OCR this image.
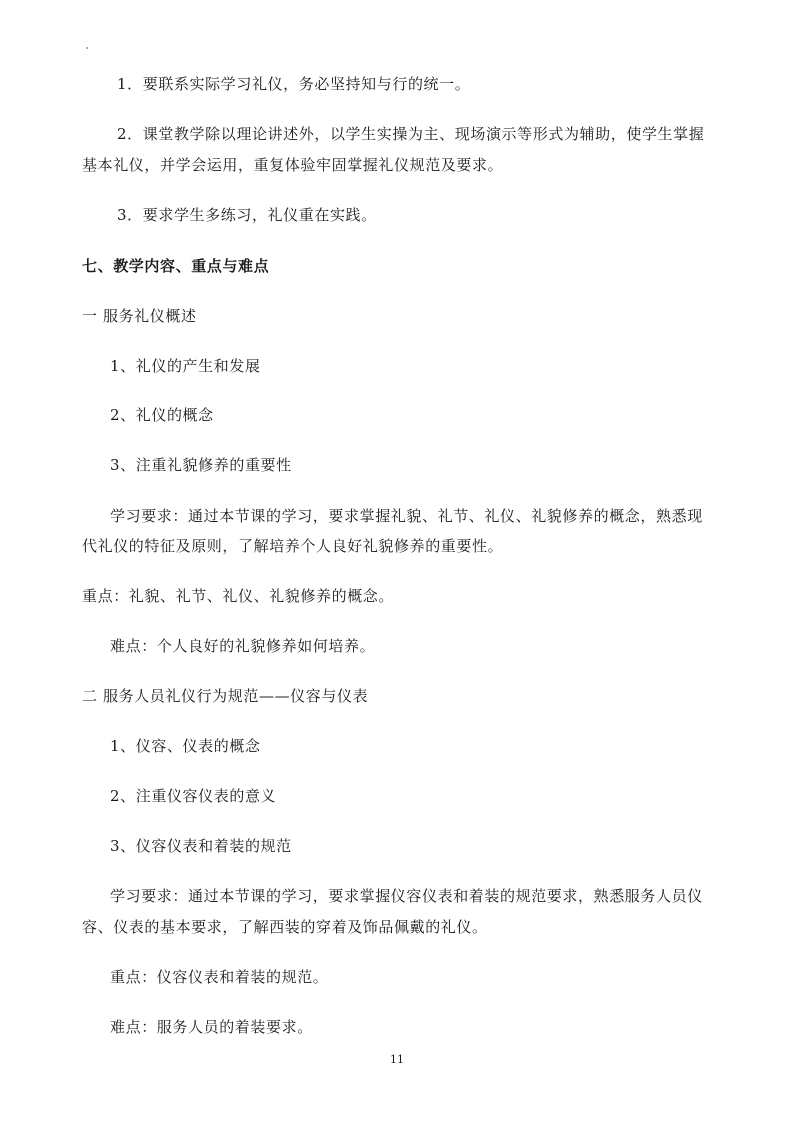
1．要联系实际学习礼仪，务必坚持知与行的统一。
2．课堂教学除以理论讲述外，以学生实操为主、现场演示等形式为辅助，使学生掌握
基本礼仪，并学会运用，重复体验牢固掌握礼仪规范及要求。
3．要求学生多练习，礼仪重在实践。
七、教学内容、重点与难点
一 服务礼仪概述
1、礼仪的产生和发展
2、礼仪的概念
3、注重礼貌修养的重要性
学习要求：通过本节课的学习，要求掌握礼貌、礼节、礼仪、礼貌修养的概念，熟悉现
代礼仪的特征及原则，了解培养个人良好礼貌修养的重要性。
重点：礼貌、礼节、礼仪、礼貌修养的概念。
难点：个人良好的礼貌修养如何培养。
二 服务人员礼仪行为规范——仪容与仪表
1、仪容、仪表的概念
2、注重仪容仪表的意义
3、仪容仪表和着装的规范
学习要求：通过本节课的学习，要求掌握仪容仪表和着装的规范要求，熟悉服务人员仪
容、仪表的基本要求，了解西装的穿着及饰品佩戴的礼仪。
重点：仪容仪表和着装的规范。
难点：服务人员的着装要求。
11
